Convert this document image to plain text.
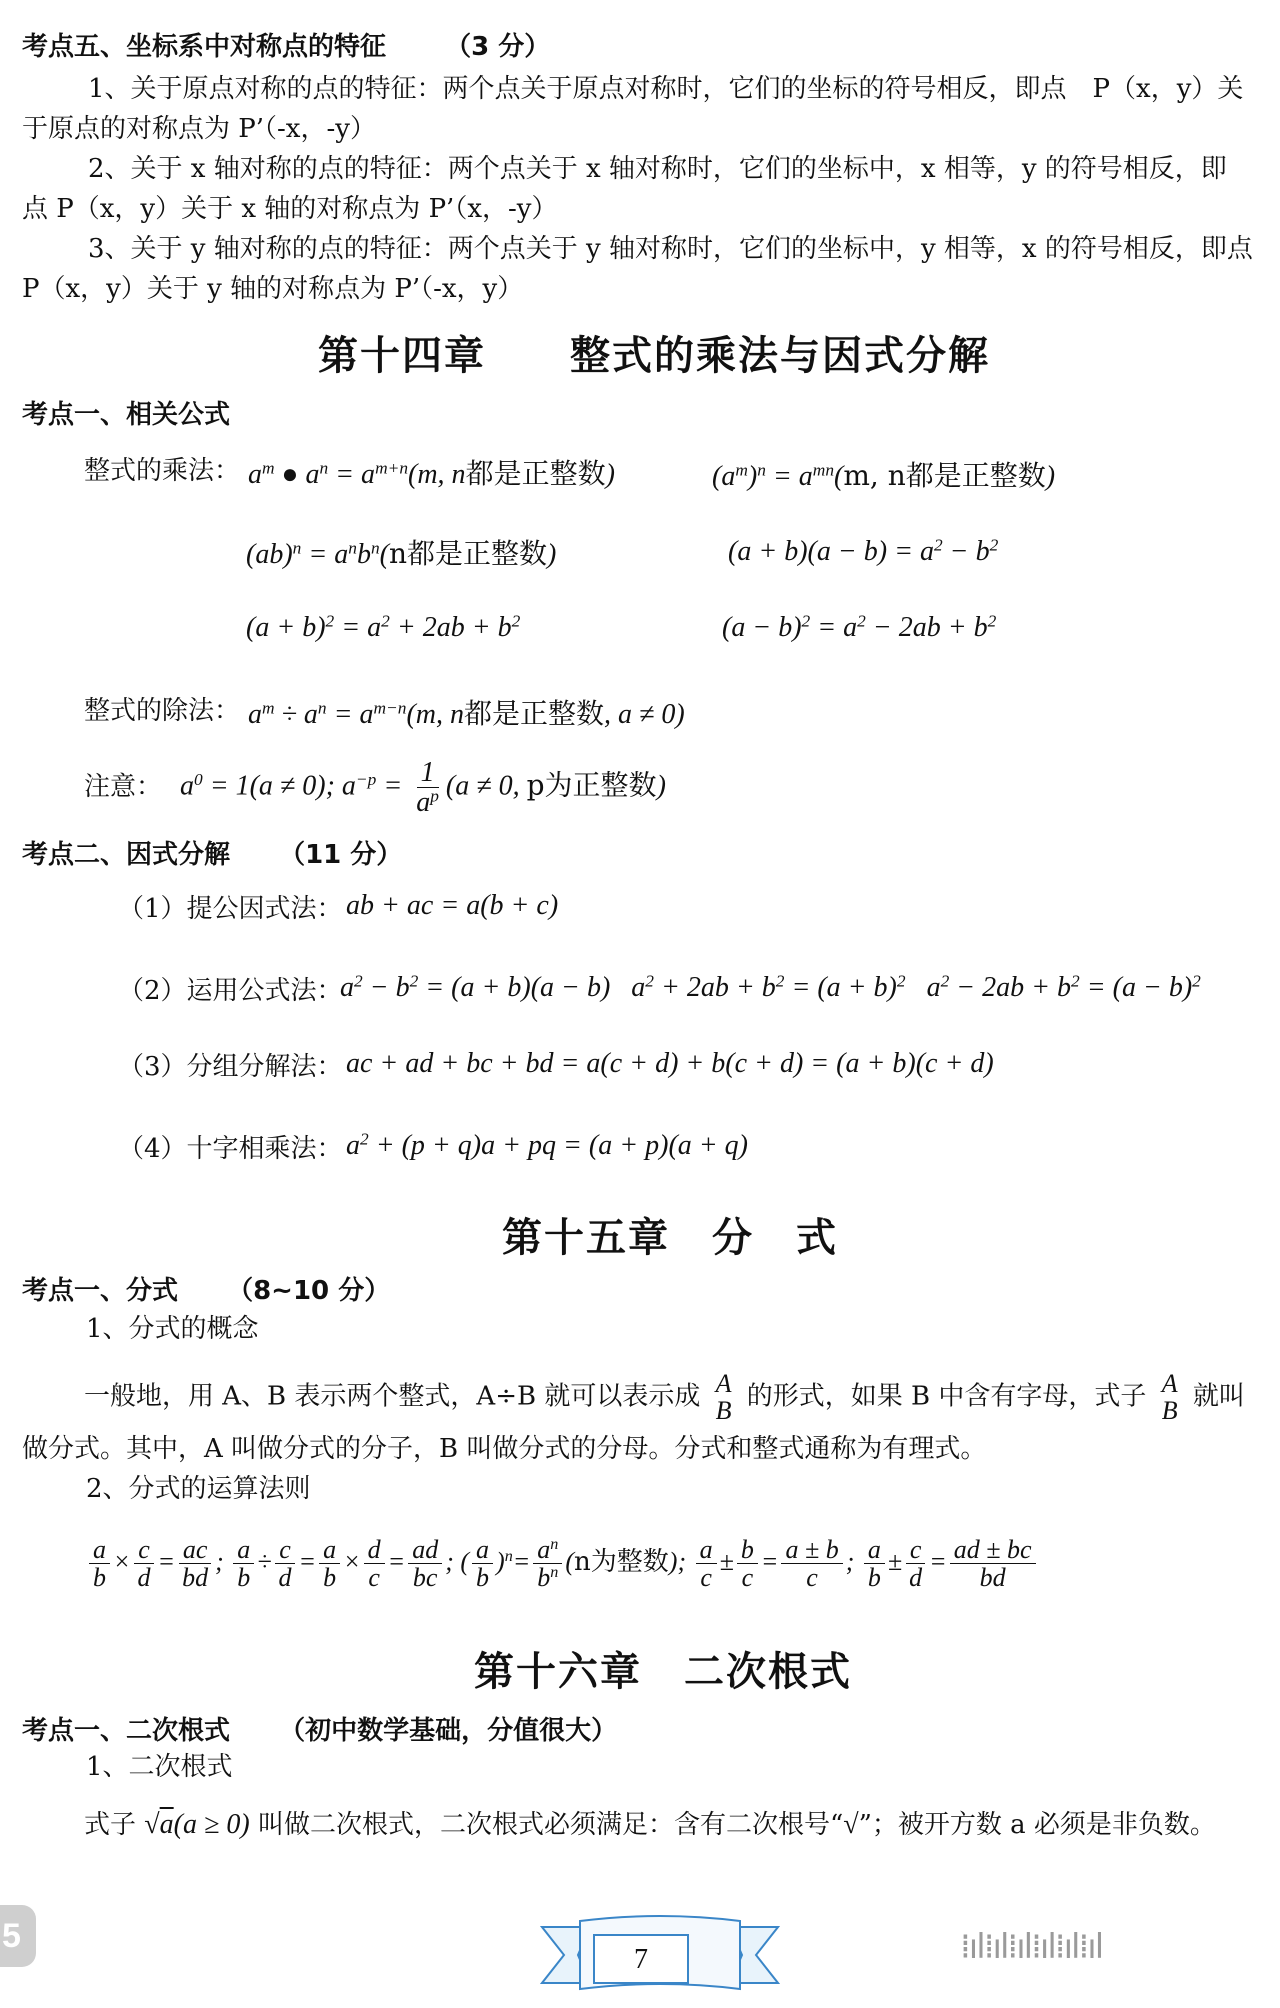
考点五、坐标系中对称点的特征 （3 分）
1、关于原点对称的点的特征：两个点关于原点对称时，它们的坐标的符号相反，即点　P（x，y）关
于原点的对称点为 P’（-x，-y）
2、关于 x 轴对称的点的特征：两个点关于 x 轴对称时，它们的坐标中，x 相等，y 的符号相反，即
点 P（x，y）关于 x 轴的对称点为 P’（x，-y）
3、关于 y 轴对称的点的特征：两个点关于 y 轴对称时，它们的坐标中，y 相等，x 的符号相反，即点
P（x，y）关于 y 轴的对称点为 P’（-x，y）
第十四章　　整式的乘法与因式分解
考点一、相关公式
整式的乘法： $a^m$ ● $a^n = a^{m+n}(m$, n都是正整数)	$(a^m)^n = a^{mn}(m$, n都是正整数)
$(ab)^n = a^nb^n(n$都是正整数)	$(a + b)(a - b) = a^2 - b^2$
$(a + b)^2 = a^2 + 2ab + b^2$	$(a - b)^2 = a^2 - 2ab + b^2$
整式的除法： $a^m \div a^n = a^{m-n}(m$, n都是正整数, a ≠ 0)
注意： $a^0 = 1(a \ne 0)$; $a^{-p} = \frac{1}{a^p} (a \ne 0$, p为正整数)
考点二、因式分解 （11 分）
（1）提公因式法： ab + ac = a(b + c)
（2）运用公式法：
$a^2 - b^2 = (a + b)(a - b) a^2 + 2ab + b^2 = (a + b)^2$   $a^2 - 2ab + b^2 = (a - b)^2$
（3）分组分解法： ac + ad + bc + bd = a(c + d) + b(c + d) = (a + b)(c + d)
（4）十字相乘法： $a^2 + (p + q)a$ + pq = (a + p)(a + q)
第十五章　分　式
考点一、分式 （8~10 分）
1、分式的概念
一般地，用 A、B 表示两个整式，A÷B 就可以表示成 A
B 的形式，如果 B 中含有字母，式子 A
B 就叫
做分式。其中，A 叫做分式的分子，B 叫做分式的分母。分式和整式通称为有理式。
2、分式的运算法则
$\frac{a}{b} \times \frac{c}{d} = \frac{ac}{bd}$ ; $\frac{a}{b} \div \frac{c}{d} = \frac{a}{b} \times \frac{d}{c} = \frac{ad}{bc}$ ; ( $\frac{a}{b} )^n= \frac{a^n}{b^n} (n$为整数); $\frac{a}{c} \pm \frac{b}{c} = \frac{a \pm b}{c}$ ; $\frac{a}{b} \pm \frac{c}{d} = \frac{ad \pm bc}{bd}$
第十六章　二次根式
考点一、二次根式 （初中数学基础，分值很大）
1、二次根式
式子 √a(a ≥ 0) 叫做二次根式，二次根式必须满足：含有二次根号“√”；被开方数 a 必须是非负数。
5
7	⁞ıl⁞ıl⁞ıl⁞ıl⁞ıl⁞ıl
